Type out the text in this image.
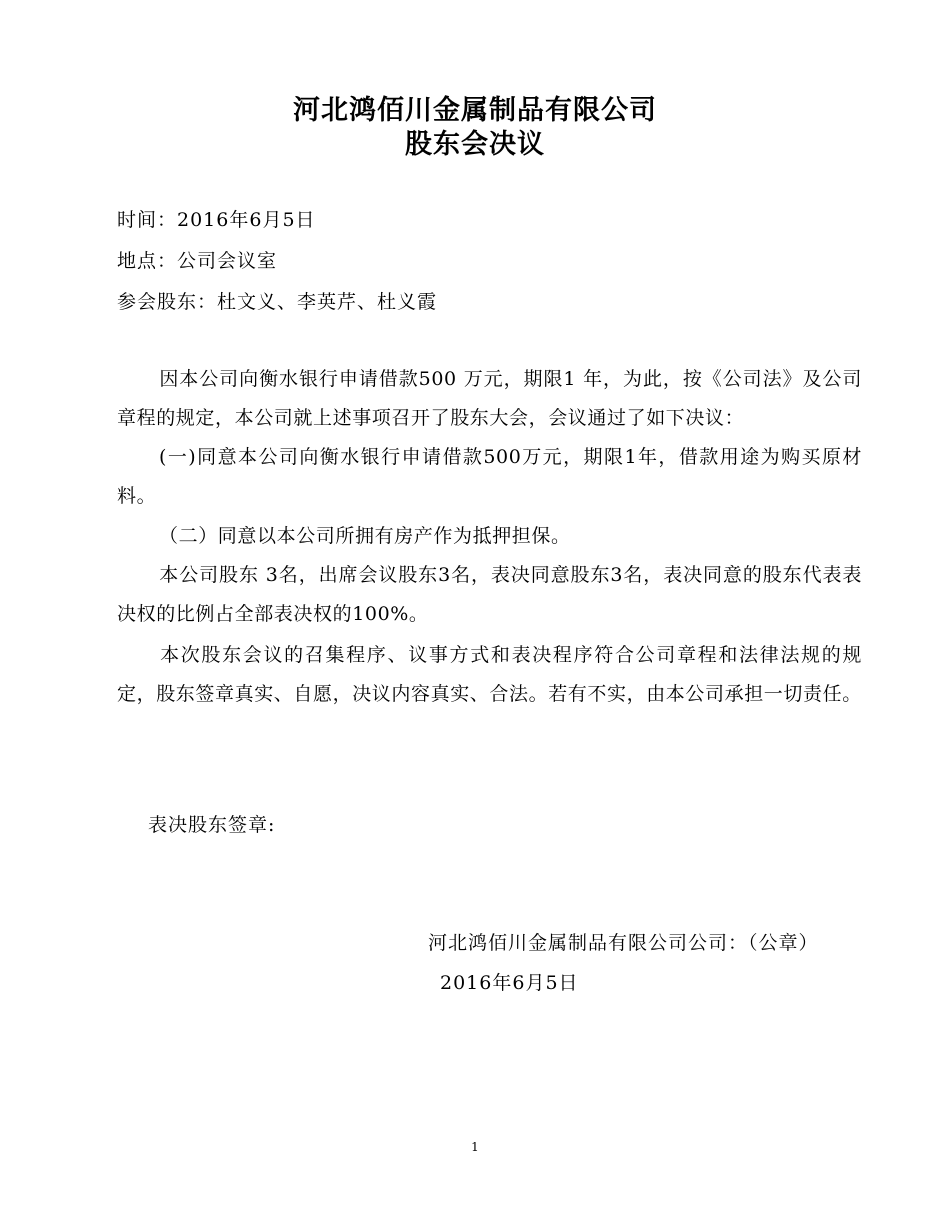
河北鸿佰川金属制品有限公司
股东会决议
时间：2016年6月5日
地点：公司会议室
参会股东：杜文义、李英芹、杜义霞
因本公司向衡水银行申请借款500 万元，期限1 年，为此，按《公司法》及公司章程的规定，本公司就上述事项召开了股东大会，会议通过了如下决议：
(一)同意本公司向衡水银行申请借款500万元，期限1年，借款用途为购买原材料。
（二）同意以本公司所拥有房产作为抵押担保。
本公司股东 3名，出席会议股东3名，表决同意股东3名，表决同意的股东代表表决权的比例占全部表决权的100%。
本次股东会议的召集程序、议事方式和表决程序符合公司章程和法律法规的规定，股东签章真实、自愿，决议内容真实、合法。若有不实，由本公司承担一切责任。
表决股东签章:
河北鸿佰川金属制品有限公司公司：（公章）
2016年6月5日
1
